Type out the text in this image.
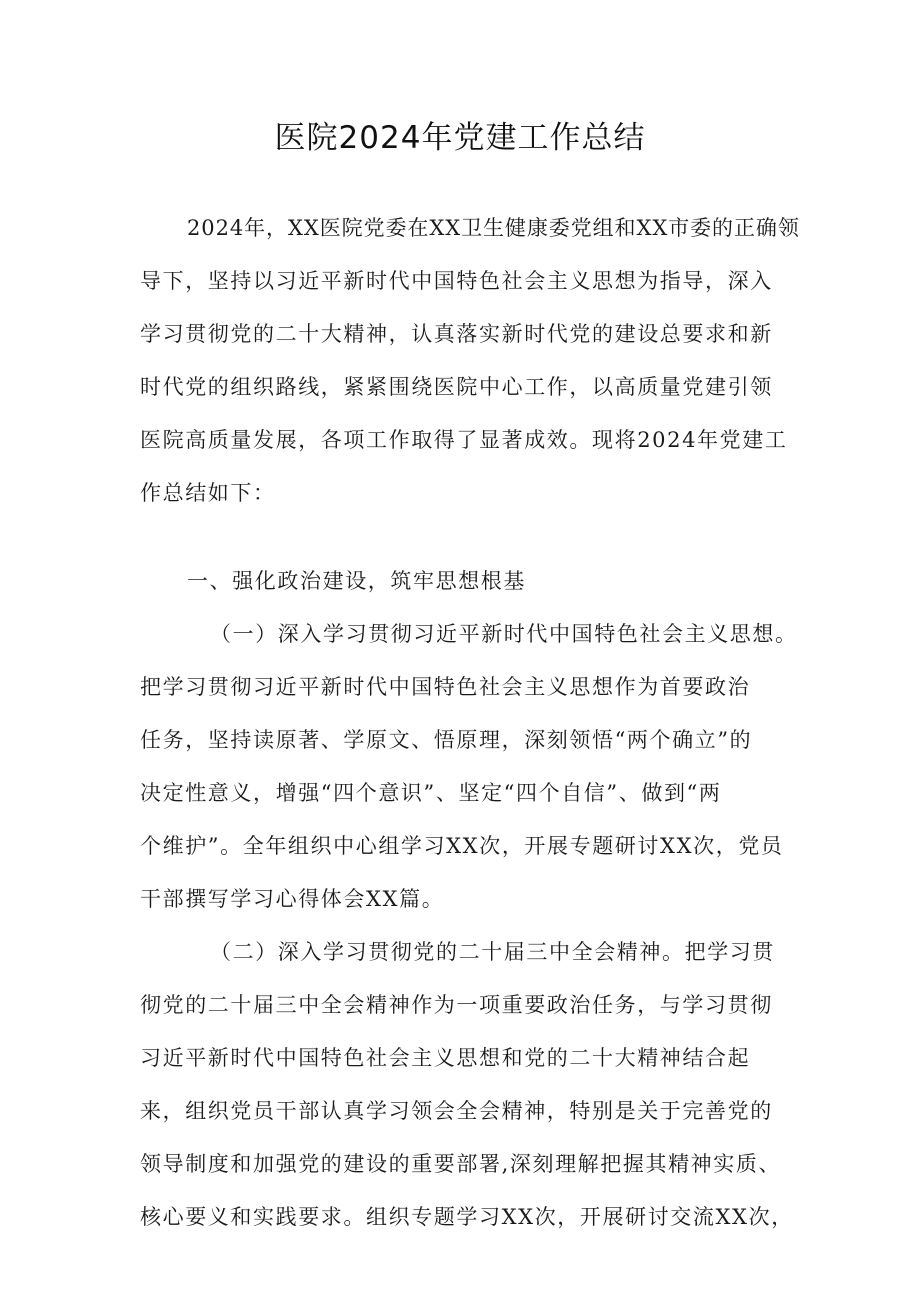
医院2024年党建工作总结
2024年，XX医院党委在XX卫生健康委党组和XX市委的正确领
导下，坚持以习近平新时代中国特色社会主义思想为指导，深入
学习贯彻党的二十大精神，认真落实新时代党的建设总要求和新
时代党的组织路线，紧紧围绕医院中心工作，以高质量党建引领
医院高质量发展，各项工作取得了显著成效。现将2024年党建工
作总结如下：
一、强化政治建设，筑牢思想根基
（一）深入学习贯彻习近平新时代中国特色社会主义思想。
把学习贯彻习近平新时代中国特色社会主义思想作为首要政治
任务，坚持读原著、学原文、悟原理，深刻领悟“两个确立”的
决定性意义，增强“四个意识”、坚定“四个自信”、做到“两
个维护”。全年组织中心组学习XX次，开展专题研讨XX次，党员
干部撰写学习心得体会XX篇。
（二）深入学习贯彻党的二十届三中全会精神。把学习贯
彻党的二十届三中全会精神作为一项重要政治任务，与学习贯彻
习近平新时代中国特色社会主义思想和党的二十大精神结合起
来，组织党员干部认真学习领会全会精神，特别是关于完善党的
领导制度和加强党的建设的重要部署,深刻理解把握其精神实质、
核心要义和实践要求。组织专题学习XX次，开展研讨交流XX次，
